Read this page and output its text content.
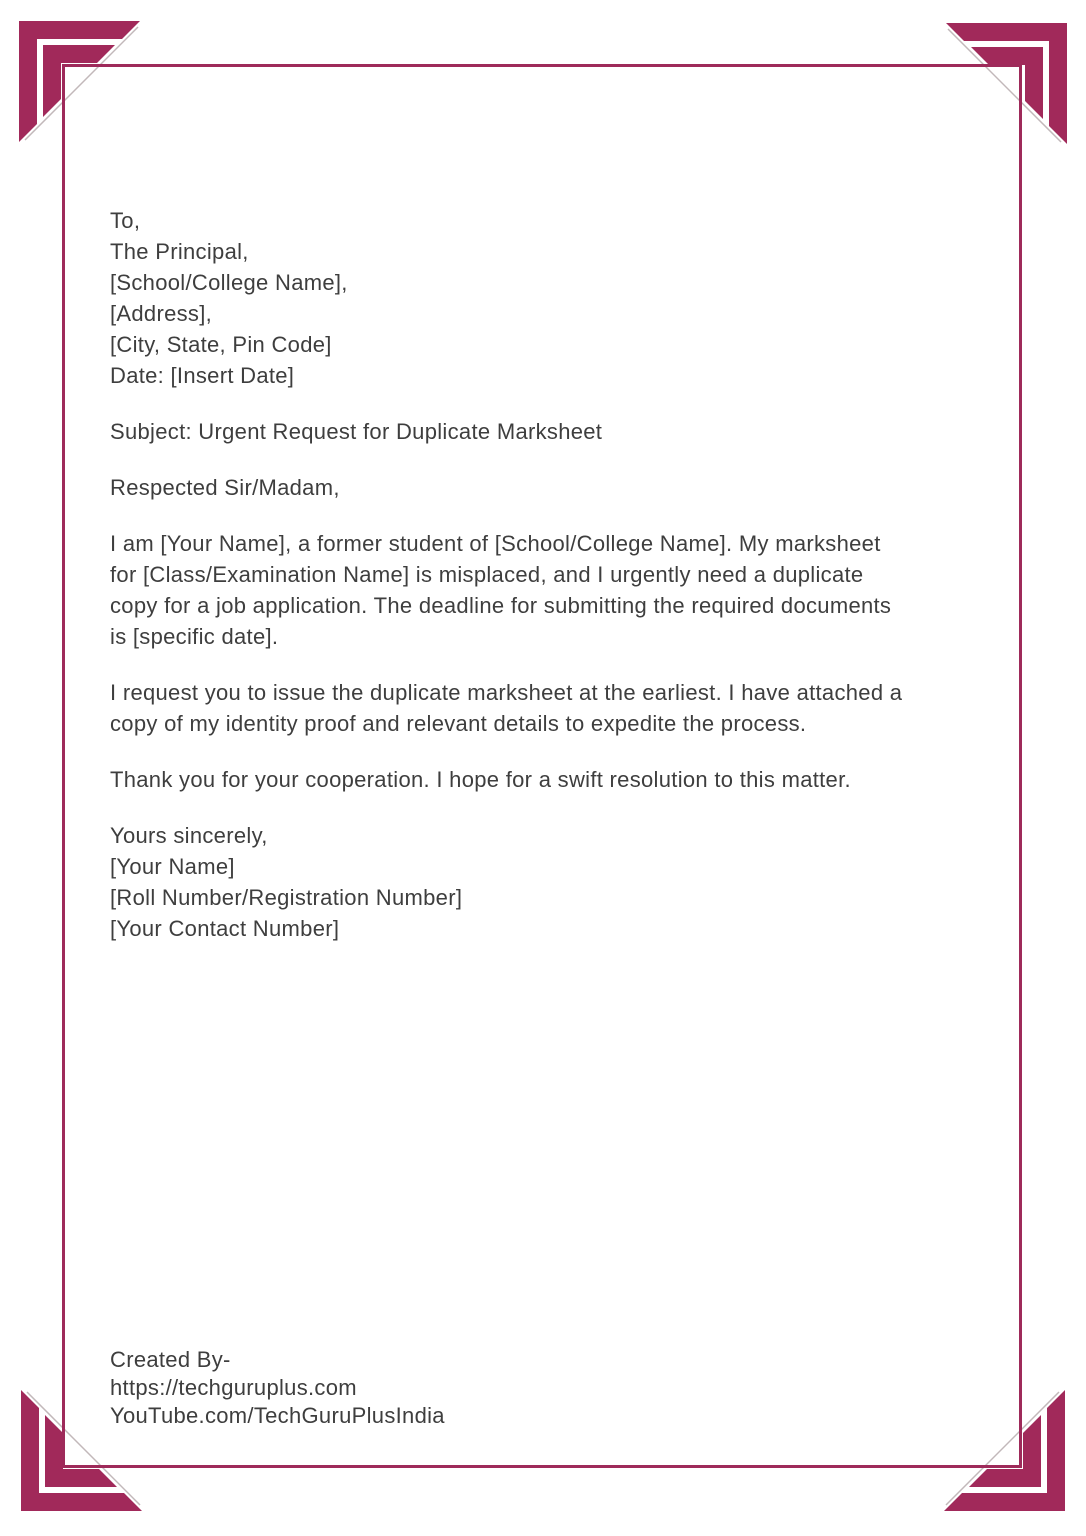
To,
The Principal,
[School/College Name],
[Address],
[City, State, Pin Code]
Date: [Insert Date]
Subject: Urgent Request for Duplicate Marksheet
Respected Sir/Madam,
I am [Your Name], a former student of [School/College Name]. My marksheet
for [Class/Examination Name] is misplaced, and I urgently need a duplicate
copy for a job application. The deadline for submitting the required documents
is [specific date].
I request you to issue the duplicate marksheet at the earliest. I have attached a
copy of my identity proof and relevant details to expedite the process.
Thank you for your cooperation. I hope for a swift resolution to this matter.
Yours sincerely,
[Your Name]
[Roll Number/Registration Number]
[Your Contact Number]
Created By-
https://techguruplus.com
YouTube.com/TechGuruPlusIndia
